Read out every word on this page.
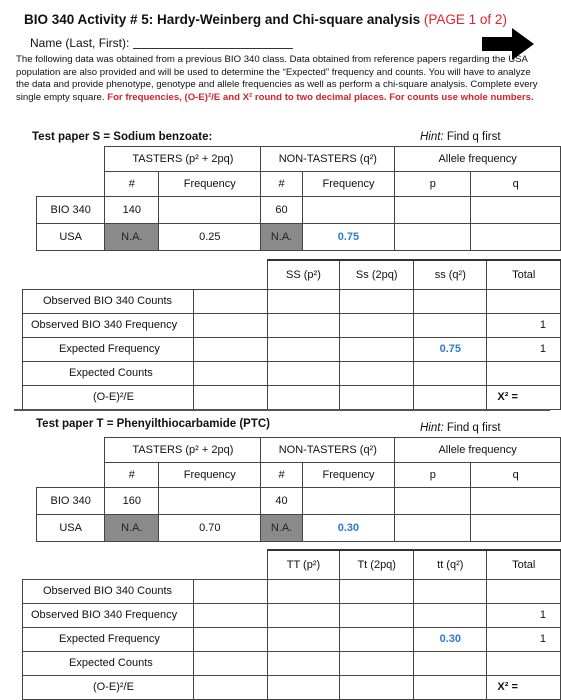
BIO 340 Activity # 5: Hardy-Weinberg and Chi-square analysis (PAGE 1 of 2)
Name (Last, First):
The following data was obtained from a previous BIO 340 class. Data obtained from reference papers regarding the USA population are also provided and will be used to determine the “Expected” frequency and counts. You will have to analyze the data and provide phenotype, genotype and allele frequencies as well as perform a chi-square analysis. Complete every single empty square. For frequencies, (O-E)²/E and X² round to two decimal places. For counts use whole numbers.
Test paper S = Sodium benzoate:	Hint: Find q first
	TASTERS (p² + 2pq)		NON-TASTERS (q²)		Allele frequency	
	#	Frequency	#	Frequency	p	q
BIO 340	140		60			
USA	N.A.	0.25	N.A.	0.75		
		SS (p²)	Ss (2pq)	ss (q²)	Total
Observed BIO 340 Counts					
Observed BIO 340 Frequency					1
Expected Frequency				0.75	1
Expected Counts					
(O-E)²/E					X² =
Test paper T = Phenyilthiocarbamide (PTC)	Hint: Find q first
	TASTERS (p² + 2pq)		NON-TASTERS (q²)		Allele frequency	
	#	Frequency	#	Frequency	p	q
BIO 340	160		40			
USA	N.A.	0.70	N.A.	0.30		
		TT (p²)	Tt (2pq)	tt (q²)	Total
Observed BIO 340 Counts					
Observed BIO 340 Frequency					1
Expected Frequency				0.30	1
Expected Counts					
(O-E)²/E					X² =
